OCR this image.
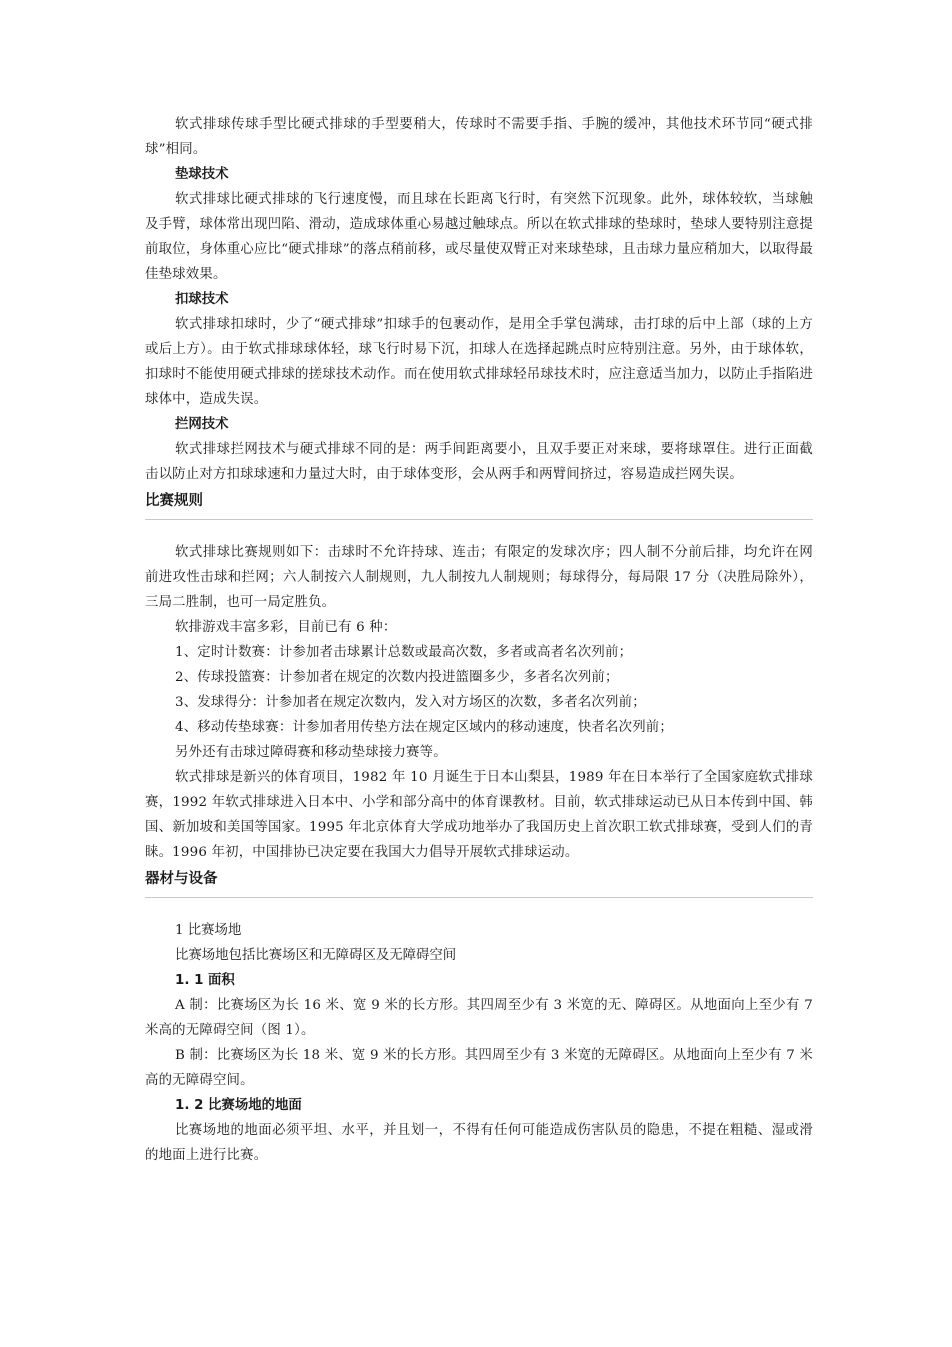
软式排球传球手型比硬式排球的手型要稍大，传球时不需要手指、手腕的缓冲，其他技术环节同“硬式排球”相同。

垫球技术

软式排球比硬式排球的飞行速度慢，而且球在长距离飞行时，有突然下沉现象。此外，球体较软，当球触及手臂，球体常出现凹陷、滑动，造成球体重心易越过触球点。所以在软式排球的垫球时，垫球人要特别注意提前取位，身体重心应比“硬式排球”的落点稍前移，或尽量使双臂正对来球垫球，且击球力量应稍加大，以取得最佳垫球效果。

扣球技术

软式排球扣球时，少了“硬式排球”扣球手的包裹动作，是用全手掌包满球，击打球的后中上部（球的上方或后上方）。由于软式排球球体轻，球飞行时易下沉，扣球人在选择起跳点时应特别注意。另外，由于球体软，扣球时不能使用硬式排球的搓球技术动作。而在使用软式排球轻吊球技术时，应注意适当加力，以防止手指陷进球体中，造成失误。

拦网技术

软式排球拦网技术与硬式排球不同的是：两手间距离要小，且双手要正对来球，要将球罩住。进行正面截击以防止对方扣球球速和力量过大时，由于球体变形，会从两手和两臂间挤过，容易造成拦网失误。

比赛规则

软式排球比赛规则如下：击球时不允许持球、连击；有限定的发球次序；四人制不分前后排，均允许在网前进攻性击球和拦网；六人制按六人制规则，九人制按九人制规则；每球得分，每局限 17 分（决胜局除外），三局二胜制，也可一局定胜负。

软排游戏丰富多彩，目前已有 6 种：

1、定时计数赛：计参加者击球累计总数或最高次数，多者或高者名次列前；

2、传球投篮赛：计参加者在规定的次数内投进篮圈多少，多者名次列前；

3、发球得分：计参加者在规定次数内，发入对方场区的次数，多者名次列前；

4、移动传垫球赛：计参加者用传垫方法在规定区域内的移动速度，快者名次列前；

另外还有击球过障碍赛和移动垫球接力赛等。

软式排球是新兴的体育项目，1982 年 10 月诞生于日本山梨县，1989 年在日本举行了全国家庭软式排球赛，1992 年软式排球进入日本中、小学和部分高中的体育课教材。目前，软式排球运动已从日本传到中国、韩国、新加坡和美国等国家。1995 年北京体育大学成功地举办了我国历史上首次职工软式排球赛，受到人们的青睐。1996 年初，中国排协已决定要在我国大力倡导开展软式排球运动。

器材与设备

1 比赛场地

比赛场地包括比赛场区和无障碍区及无障碍空间

1. 1 面积

A 制：比赛场区为长 16 米、宽 9 米的长方形。其四周至少有 3 米宽的无、障碍区。从地面向上至少有 7 米高的无障碍空间（图 1）。

B 制：比赛场区为长 18 米、宽 9 米的长方形。其四周至少有 3 米宽的无障碍区。从地面向上至少有 7 米高的无障碍空间。

1. 2 比赛场地的地面

比赛场地的地面必须平坦、水平，并且划一，不得有任何可能造成伤害队员的隐患，不提在粗糙、湿或滑的地面上进行比赛。
